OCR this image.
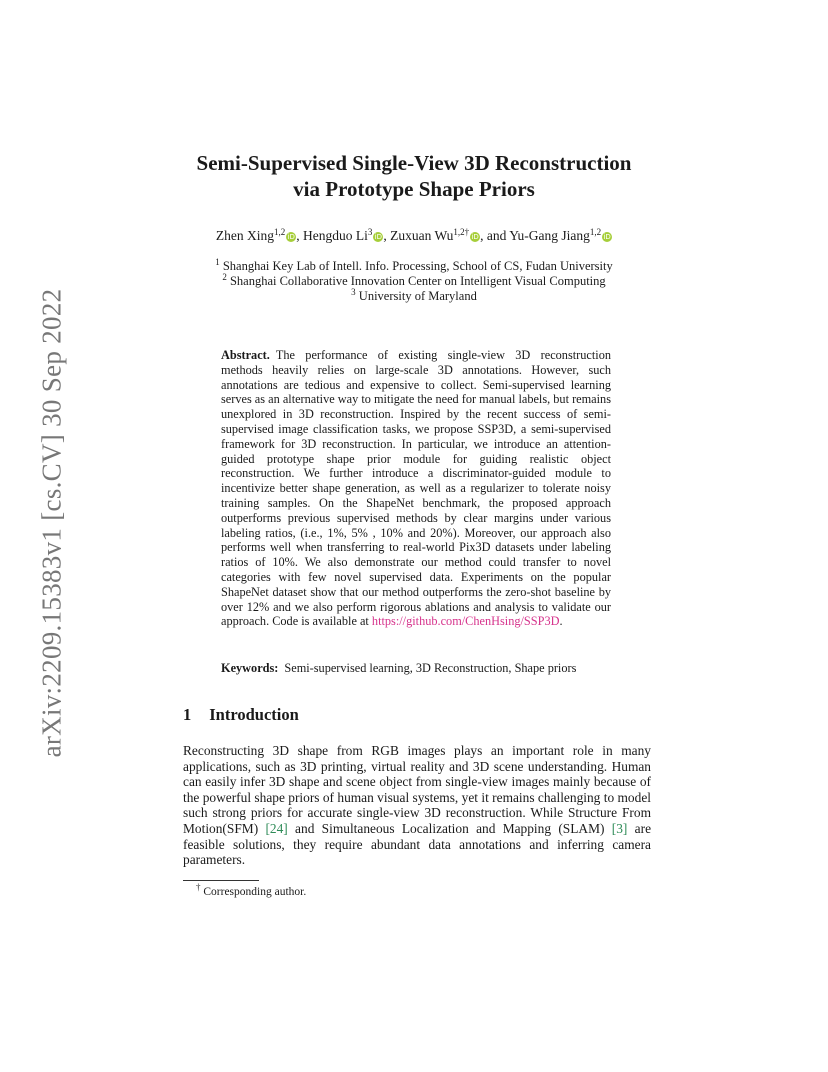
arXiv:2209.15383v1 [cs.CV] 30 Sep 2022
Semi-Supervised Single-View 3D Reconstruction
via Prototype Shape Priors
Zhen Xing$^{1,2}$ iD, Hengduo Li$^3$ iD, Zuxuan $Wu^{1,2\dagger}$ iD, and Yu-Gang Jiang$^{1,2}$ iD
$^1$ Shanghai Key Lab of Intell. Info. Processing, School of CS, Fudan University
$^2$ Shanghai Collaborative Innovation Center on Intelligent Visual Computing
$^3$ University of Maryland
Abstract. The performance of existing single-view 3D reconstruction methods heavily relies on large-scale 3D annotations. However, such annotations are tedious and expensive to collect. Semi-supervised learning serves as an alternative way to mitigate the need for manual labels, but remains unexplored in 3D reconstruction. Inspired by the recent success of semi-supervised image classification tasks, we propose SSP3D, a semi-supervised framework for 3D reconstruction. In particular, we introduce an attention-guided prototype shape prior module for guiding realistic object reconstruction. We further introduce a discriminator-guided module to incentivize better shape generation, as well as a regularizer to tolerate noisy training samples. On the ShapeNet benchmark, the proposed approach outperforms previous supervised methods by clear margins under various labeling ratios, (i.e., 1%, 5% , 10% and 20%). Moreover, our approach also performs well when transferring to real-world Pix3D datasets under labeling ratios of 10%. We also demonstrate our method could transfer to novel categories with few novel supervised data. Experiments on the popular ShapeNet dataset show that our method outperforms the zero-shot baseline by over 12% and we also perform rigorous ablations and analysis to validate our approach. Code is available at https://github.com/ChenHsing/SSP3D.
Keywords: Semi-supervised learning, 3D Reconstruction, Shape priors
1 Introduction
Reconstructing 3D shape from RGB images plays an important role in many applications, such as 3D printing, virtual reality and 3D scene understanding. Human can easily infer 3D shape and scene object from single-view images mainly because of the powerful shape priors of human visual systems, yet it remains challenging to model such strong priors for accurate single-view 3D reconstruction. While Structure From Motion(SFM) [24] and Simultaneous Localization and Mapping (SLAM) [3] are feasible solutions, they require abundant data annotations and inferring camera parameters.
† Corresponding author.
